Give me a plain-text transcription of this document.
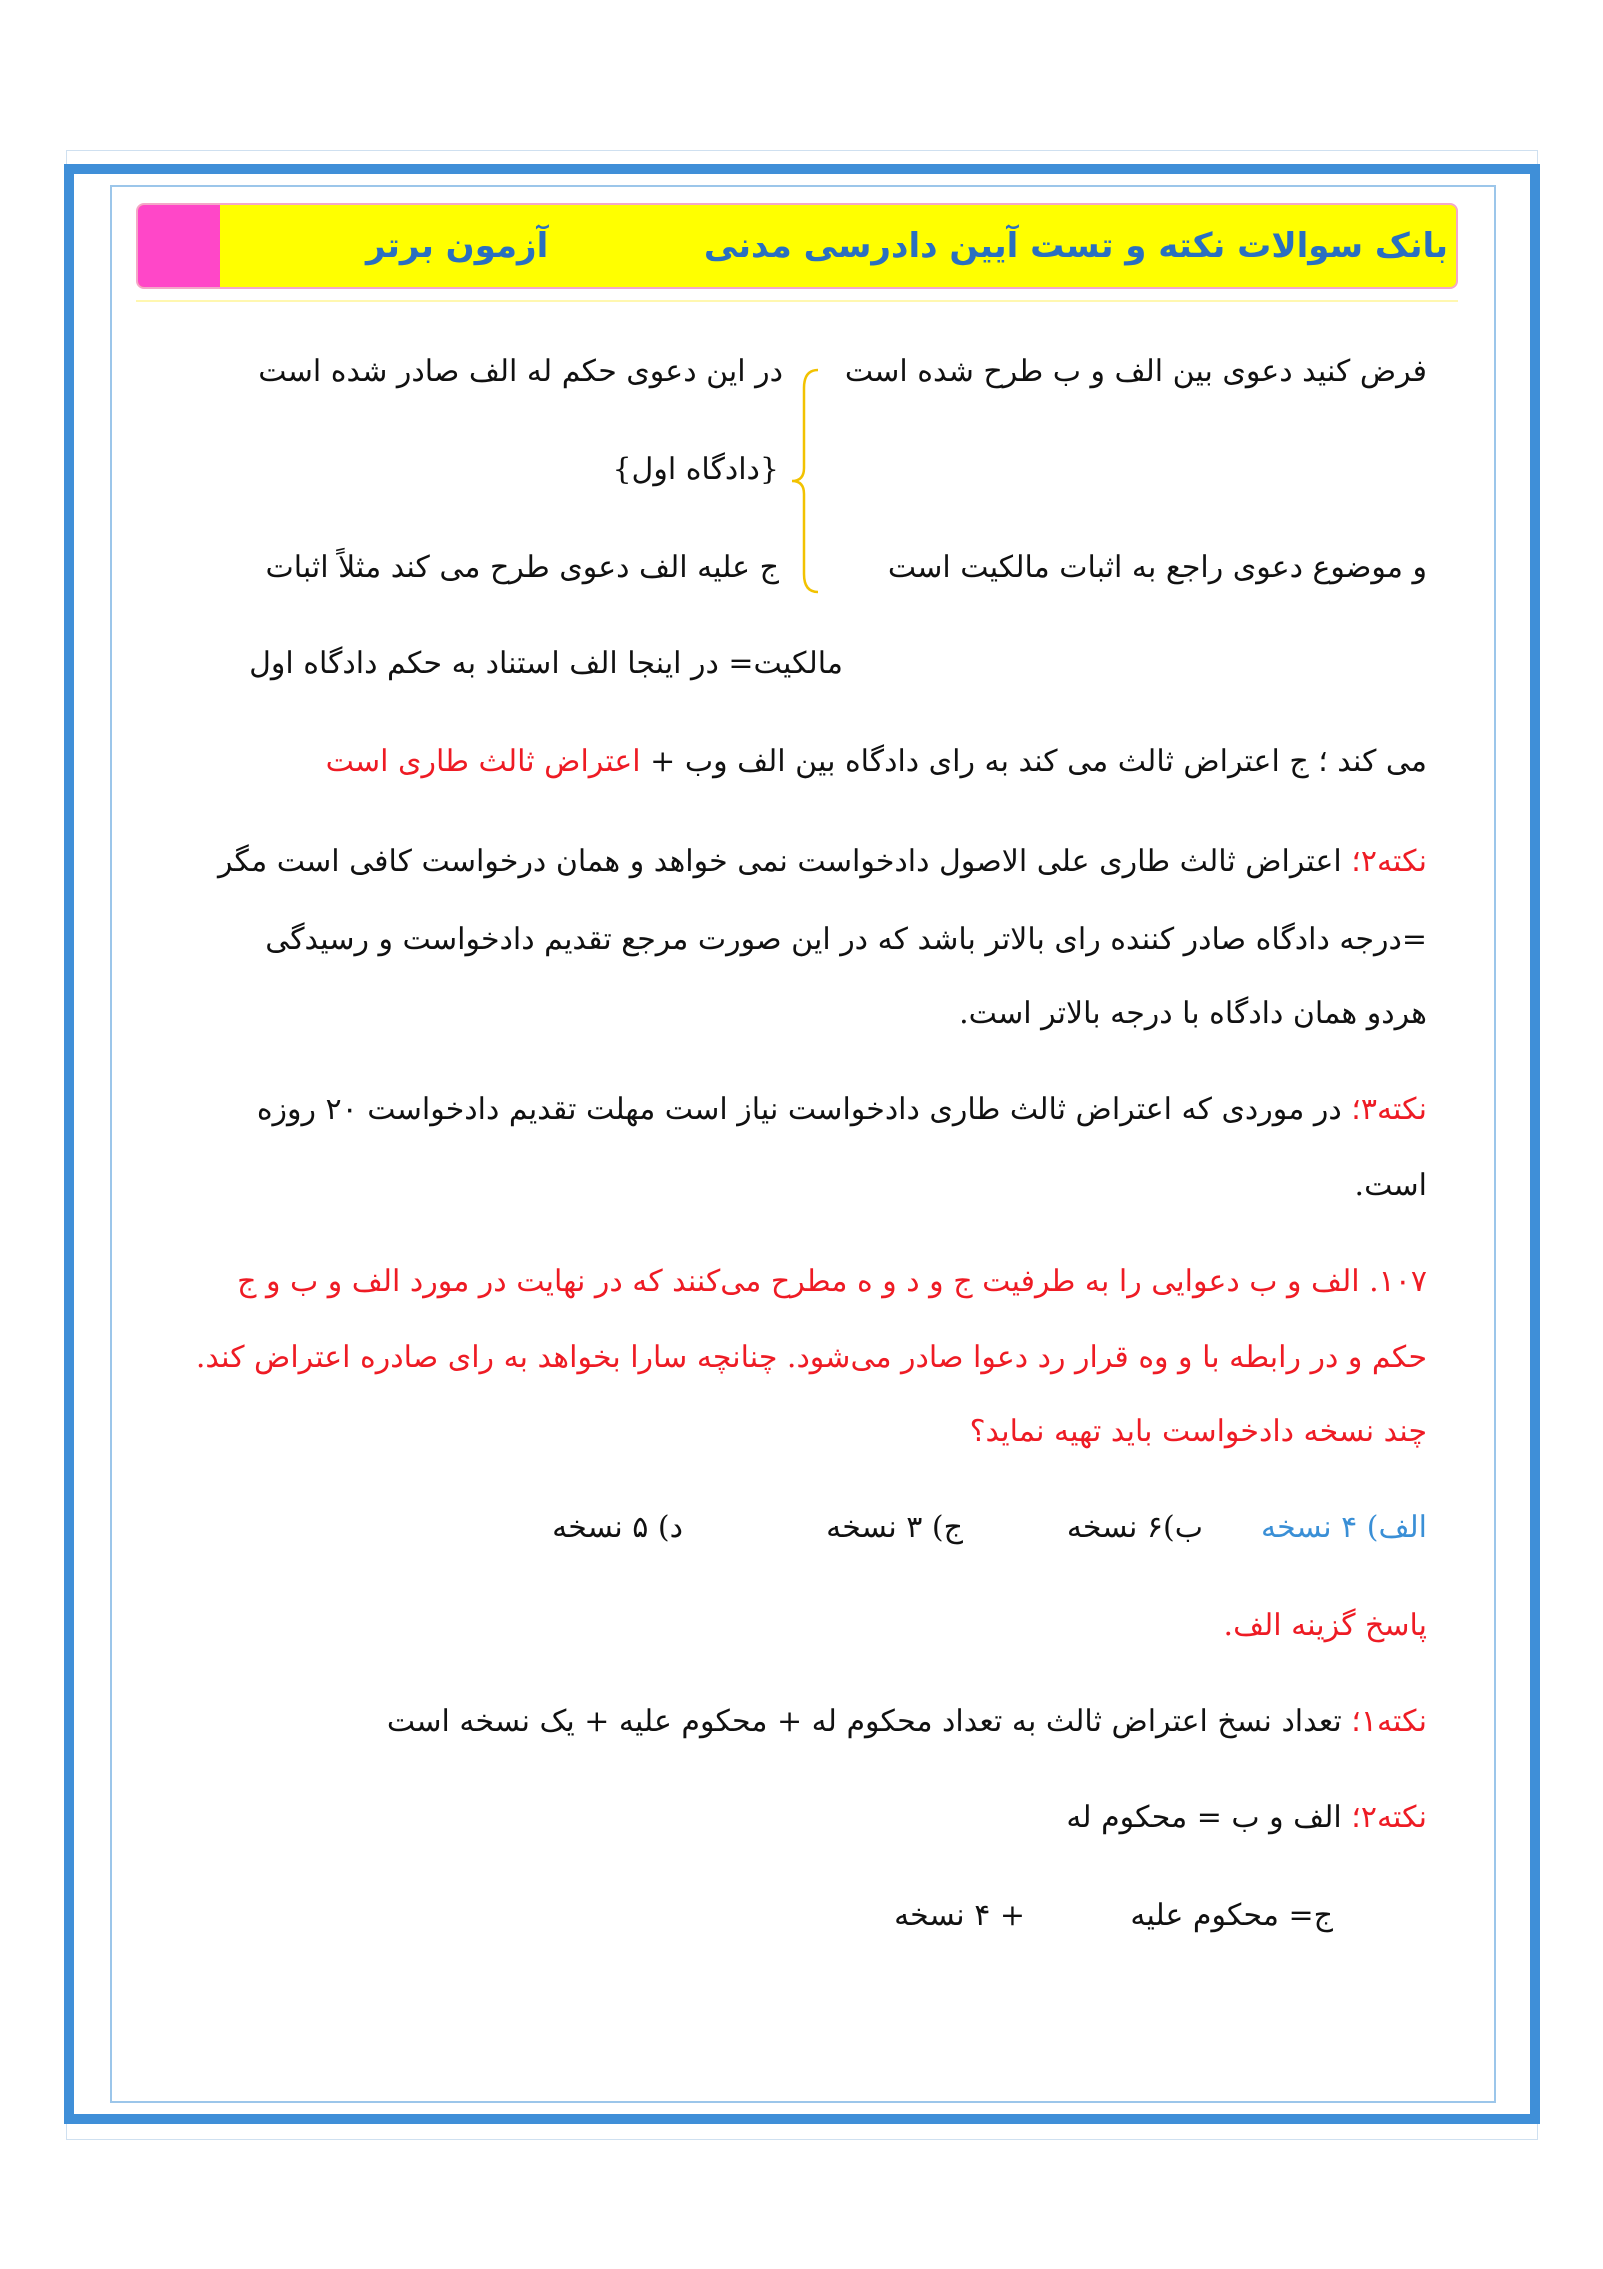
بانک سوالات نکته و تست آیین دادرسی مدنی
آزمون برتر
فرض کنید دعوی بین الف و ب طرح شده است
در این دعوی حکم له الف صادر شده است
{دادگاه اول}
و موضوع دعوی راجع به اثبات مالکیت است
ج علیه الف دعوی طرح می کند مثلاً اثبات
مالکیت= در اینجا الف استناد به حکم دادگاه اول
می کند ؛ ج اعتراض ثالث می کند به رای دادگاه بین الف وب + اعتراض ثالث طاری است
نکته۲؛ اعتراض ثالث طاری علی الاصول دادخواست نمی خواهد و همان درخواست کافی است مگر
=درجه دادگاه صادر کننده رای بالاتر باشد که در این صورت مرجع تقدیم دادخواست و رسیدگی
هردو همان دادگاه با درجه بالاتر است.
نکته۳؛ در موردی که اعتراض ثالث طاری دادخواست نیاز است مهلت تقدیم دادخواست ۲۰ روزه
است.
۱۰۷. الف و ب دعوایی را به طرفیت ج و د و ه مطرح می‌کنند که در نهایت در مورد الف و ب و ج
حکم و در رابطه با و وه قرار رد دعوا صادر می‌شود. چنانچه سارا بخواهد به رای صادره اعتراض کند.
چند نسخه دادخواست باید تهیه نماید؟
الف) ۴ نسخه
ب)۶ نسخه
ج) ۳ نسخه
د) ۵ نسخه
پاسخ گزینه الف.
نکته۱؛ تعداد نسخ اعتراض ثالث به تعداد محکوم له + محکوم علیه + یک نسخه است
نکته۲؛ الف و ب = محکوم له
ج= محکوم علیه
+ ۴ نسخه
